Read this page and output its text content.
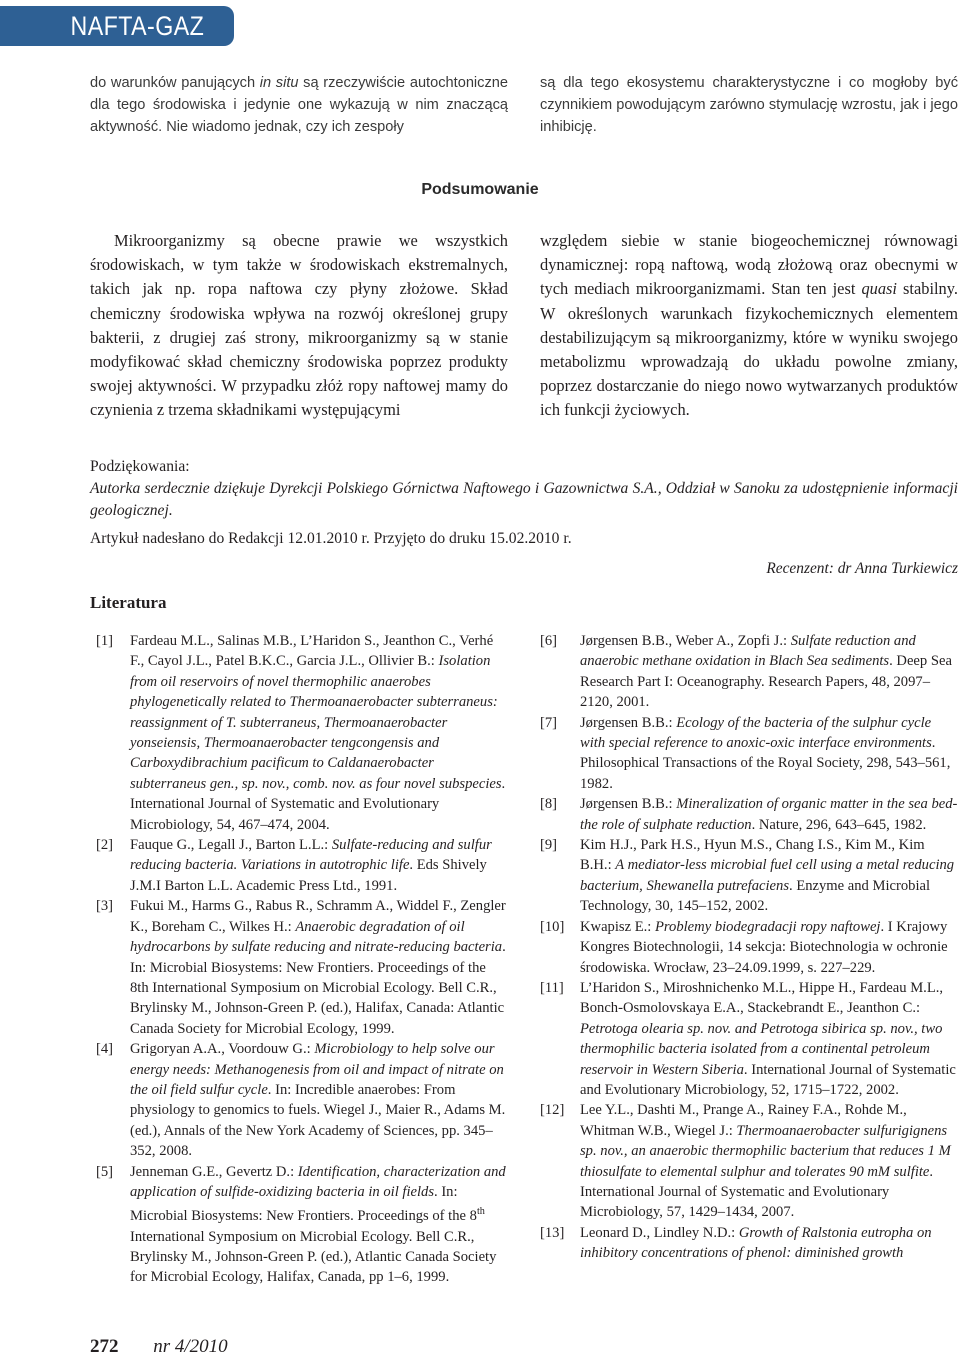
NAFTA-GAZ

do warunków panujących in situ są rzeczywiście autochtoniczne dla tego środowiska i jedynie one wykazują w nim znaczącą aktywność. Nie wiadomo jednak, czy ich zespoły

są dla tego ekosystemu charakterystyczne i co mogłoby być czynnikiem powodującym zarówno stymulację wzrostu, jak i jego inhibicję.

Podsumowanie

Mikroorganizmy są obecne prawie we wszystkich środowiskach, w tym także w środowiskach ekstremalnych, takich jak np. ropa naftowa czy płyny złożowe. Skład chemiczny środowiska wpływa na rozwój określonej grupy bakterii, z drugiej zaś strony, mikroorganizmy są w stanie modyfikować skład chemiczny środowiska poprzez produkty swojej aktywności. W przypadku złóż ropy naftowej mamy do czynienia z trzema składnikami występującymi

względem siebie w stanie biogeochemicznej równowagi dynamicznej: ropą naftową, wodą złożową oraz obecnymi w tych mediach mikroorganizmami. Stan ten jest quasi stabilny. W określonych warunkach fizykochemicznych elementem destabilizującym są mikroorganizmy, które w wyniku swojego metabolizmu wprowadzają do układu powolne zmiany, poprzez dostarczanie do niego nowo wytwarzanych produktów ich funkcji życiowych.

Podziękowania:

Autorka serdecznie dziękuje Dyrekcji Polskiego Górnictwa Naftowego i Gazownictwa S.A., Oddział w Sanoku za udostępnienie informacji geologicznej.

Artykuł nadesłano do Redakcji 12.01.2010 r. Przyjęto do druku 15.02.2010 r.

Recenzent: dr Anna Turkiewicz
Literatura
[1] Fardeau M.L., Salinas M.B., L’Haridon S., Jeanthon C., Verhé F., Cayol J.L., Patel B.K.C., Garcia J.L., Ollivier B.: Isolation from oil reservoirs of novel thermophilic anaerobes phylogenetically related to Thermoanaerobacter subterraneus: reassignment of T. subterraneus, Thermoanaerobacter yonseiensis, Thermoanaerobacter tengcongensis and Carboxydibrachium pacificum to Caldanaerobacter subterraneus gen., sp. nov., comb. nov. as four novel subspecies. International Journal of Systematic and Evolutionary Microbiology, 54, 467–474, 2004.
[2] Fauque G., Legall J., Barton L.L.: Sulfate-reducing and sulfur reducing bacteria. Variations in autotrophic life. Eds Shively J.M.I Barton L.L. Academic Press Ltd., 1991.
[3] Fukui M., Harms G., Rabus R., Schramm A., Widdel F., Zengler K., Boreham C., Wilkes H.: Anaerobic degradation of oil hydrocarbons by sulfate reducing and nitrate-reducing bacteria. In: Microbial Biosystems: New Frontiers. Proceedings of the 8th International Symposium on Microbial Ecology. Bell C.R., Brylinsky M., Johnson-Green P. (ed.), Halifax, Canada: Atlantic Canada Society for Microbial Ecology, 1999.
[4] Grigoryan A.A., Voordouw G.: Microbiology to help solve our energy needs: Methanogenesis from oil and impact of nitrate on the oil field sulfur cycle. In: Incredible anaerobes: From physiology to genomics to fuels. Wiegel J., Maier R., Adams M. (ed.), Annals of the New York Academy of Sciences, pp. 345–352, 2008.
[5] Jenneman G.E., Gevertz D.: Identification, characterization and application of sulfide-oxidizing bacteria in oil fields. In: Microbial Biosystems: New Frontiers. Proceedings of the 8th International Symposium on Microbial Ecology. Bell C.R., Brylinsky M., Johnson-Green P. (ed.), Atlantic Canada Society for Microbial Ecology, Halifax, Canada, pp 1–6, 1999.
[6] Jørgensen B.B., Weber A., Zopfi J.: Sulfate reduction and anaerobic methane oxidation in Blach Sea sediments. Deep Sea Research Part I: Oceanography. Research Papers, 48, 2097–2120, 2001.
[7] Jørgensen B.B.: Ecology of the bacteria of the sulphur cycle with special reference to anoxic-oxic interface environments. Philosophical Transactions of the Royal Society, 298, 543–561, 1982.
[8] Jørgensen B.B.: Mineralization of organic matter in the sea bed-the role of sulphate reduction. Nature, 296, 643–645, 1982.
[9] Kim H.J., Park H.S., Hyun M.S., Chang I.S., Kim M., Kim B.H.: A mediator-less microbial fuel cell using a metal reducing bacterium, Shewanella putrefaciens. Enzyme and Microbial Technology, 30, 145–152, 2002.
[10] Kwapisz E.: Problemy biodegradacji ropy naftowej. I Krajowy Kongres Biotechnologii, 14 sekcja: Biotechnologia w ochronie środowiska. Wrocław, 23–24.09.1999, s. 227–229.
[11] L’Haridon S., Miroshnichenko M.L., Hippe H., Fardeau M.L., Bonch-Osmolovskaya E.A., Stackebrandt E., Jeanthon C.: Petrotoga olearia sp. nov. and Petrotoga sibirica sp. nov., two thermophilic bacteria isolated from a continental petroleum reservoir in Western Siberia. International Journal of Systematic and Evolutionary Microbiology, 52, 1715–1722, 2002.
[12] Lee Y.L., Dashti M., Prange A., Rainey F.A., Rohde M., Whitman W.B., Wiegel J.: Thermoanaerobacter sulfurigignens sp. nov., an anaerobic thermophilic bacterium that reduces 1 M thiosulfate to elemental sulphur and tolerates 90 mM sulfite. International Journal of Systematic and Evolutionary Microbiology, 57, 1429–1434, 2007.
[13] Leonard D., Lindley N.D.: Growth of Ralstonia eutropha on inhibitory concentrations of phenol: diminished growth
272 nr 4/2010
